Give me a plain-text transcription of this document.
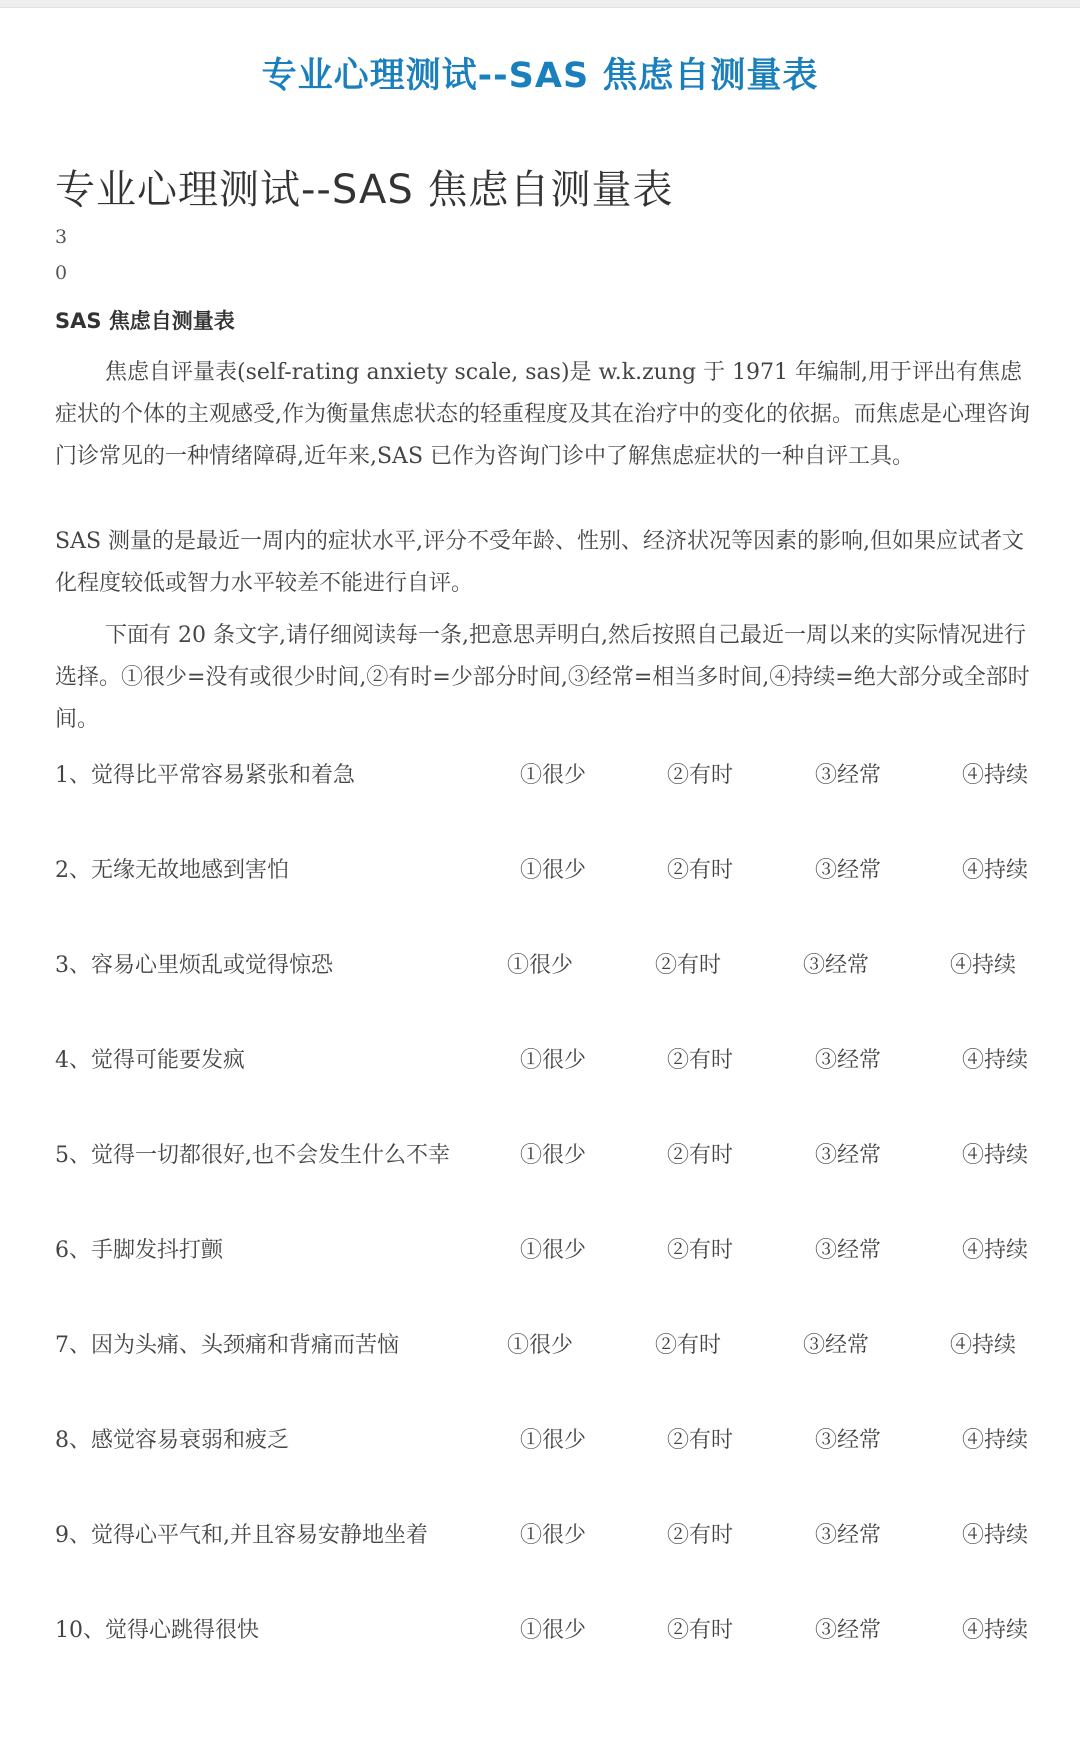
专业心理测试--SAS 焦虑自测量表
专业心理测试--SAS 焦虑自测量表
3
0
SAS 焦虑自测量表

焦虑自评量表(self-rating anxiety scale, sas)是 w.k.zung 于 1971 年编制,用于评出有焦虑症状的个体的主观感受,作为衡量焦虑状态的轻重程度及其在治疗中的变化的依据。而焦虑是心理咨询门诊常见的一种情绪障碍,近年来,SAS 已作为咨询门诊中了解焦虑症状的一种自评工具。

SAS 测量的是最近一周内的症状水平,评分不受年龄、性别、经济状况等因素的影响,但如果应试者文化程度较低或智力水平较差不能进行自评。

下面有 20 条文字,请仔细阅读每一条,把意思弄明白,然后按照自己最近一周以来的实际情况进行选择。①很少=没有或很少时间,②有时=少部分时间,③经常=相当多时间,④持续=绝大部分或全部时间。

1、觉得比平常容易紧张和着急	①很少	②有时	③经常	④持续
2、无缘无故地感到害怕	①很少	②有时	③经常	④持续
3、容易心里烦乱或觉得惊恐	①很少	②有时	③经常	④持续
4、觉得可能要发疯	①很少	②有时	③经常	④持续
5、觉得一切都很好,也不会发生什么不幸	①很少	②有时	③经常	④持续
6、手脚发抖打颤	①很少	②有时	③经常	④持续
7、因为头痛、头颈痛和背痛而苦恼	①很少	②有时	③经常	④持续
8、感觉容易衰弱和疲乏	①很少	②有时	③经常	④持续
9、觉得心平气和,并且容易安静地坐着	①很少	②有时	③经常	④持续
10、觉得心跳得很快	①很少	②有时	③经常	④持续
